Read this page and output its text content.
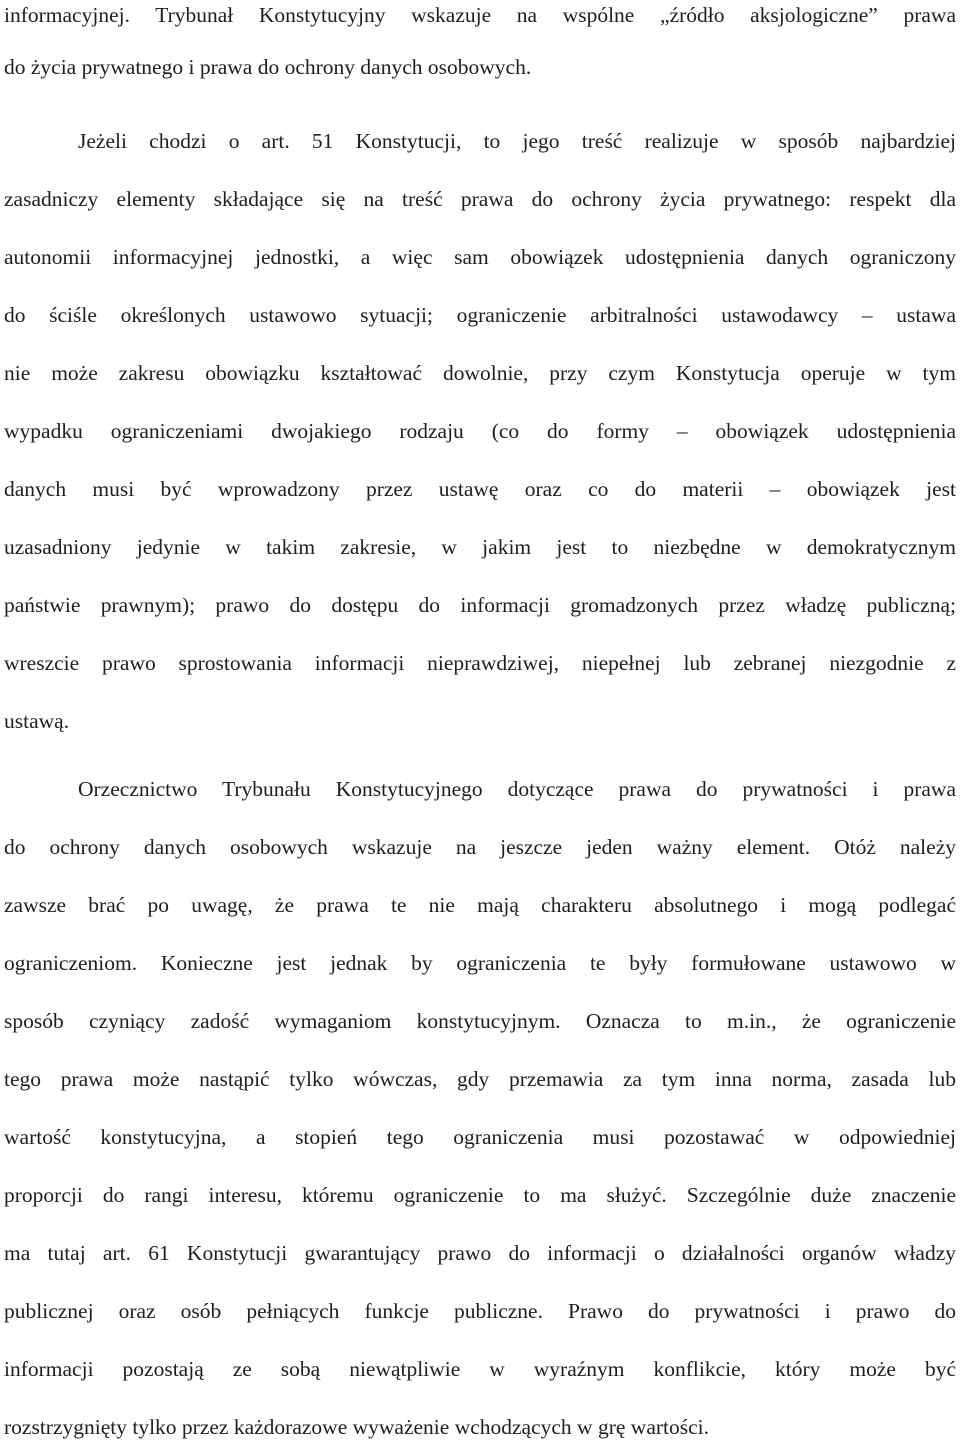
informacyjnej. Trybunał Konstytucyjny wskazuje na wspólne „źródło aksjologiczne” prawa
do życia prywatnego i prawa do ochrony danych osobowych.
Jeżeli chodzi o art. 51 Konstytucji, to jego treść realizuje w sposób najbardziej
zasadniczy elementy składające się na treść prawa do ochrony życia prywatnego: respekt dla
autonomii informacyjnej jednostki, a więc sam obowiązek udostępnienia danych ograniczony
do ściśle określonych ustawowo sytuacji; ograniczenie arbitralności ustawodawcy – ustawa
nie może zakresu obowiązku kształtować dowolnie, przy czym Konstytucja operuje w tym
wypadku ograniczeniami dwojakiego rodzaju (co do formy – obowiązek udostępnienia
danych musi być wprowadzony przez ustawę oraz co do materii – obowiązek jest
uzasadniony jedynie w takim zakresie, w jakim jest to niezbędne w demokratycznym
państwie prawnym); prawo do dostępu do informacji gromadzonych przez władzę publiczną;
wreszcie prawo sprostowania informacji nieprawdziwej, niepełnej lub zebranej niezgodnie z
ustawą.
Orzecznictwo Trybunału Konstytucyjnego dotyczące prawa do prywatności i prawa
do ochrony danych osobowych wskazuje na jeszcze jeden ważny element. Otóż należy
zawsze brać po uwagę, że prawa te nie mają charakteru absolutnego i mogą podlegać
ograniczeniom. Konieczne jest jednak by ograniczenia te były formułowane ustawowo w
sposób czyniący zadość wymaganiom konstytucyjnym. Oznacza to m.in., że ograniczenie
tego prawa może nastąpić tylko wówczas, gdy przemawia za tym inna norma, zasada lub
wartość konstytucyjna, a stopień tego ograniczenia musi pozostawać w odpowiedniej
proporcji do rangi interesu, któremu ograniczenie to ma służyć. Szczególnie duże znaczenie
ma tutaj art. 61 Konstytucji gwarantujący prawo do informacji o działalności organów władzy
publicznej oraz osób pełniących funkcje publiczne. Prawo do prywatności i prawo do
informacji pozostają ze sobą niewątpliwie w wyraźnym konflikcie, który może być
rozstrzygnięty tylko przez każdorazowe wyważenie wchodzących w grę wartości.
